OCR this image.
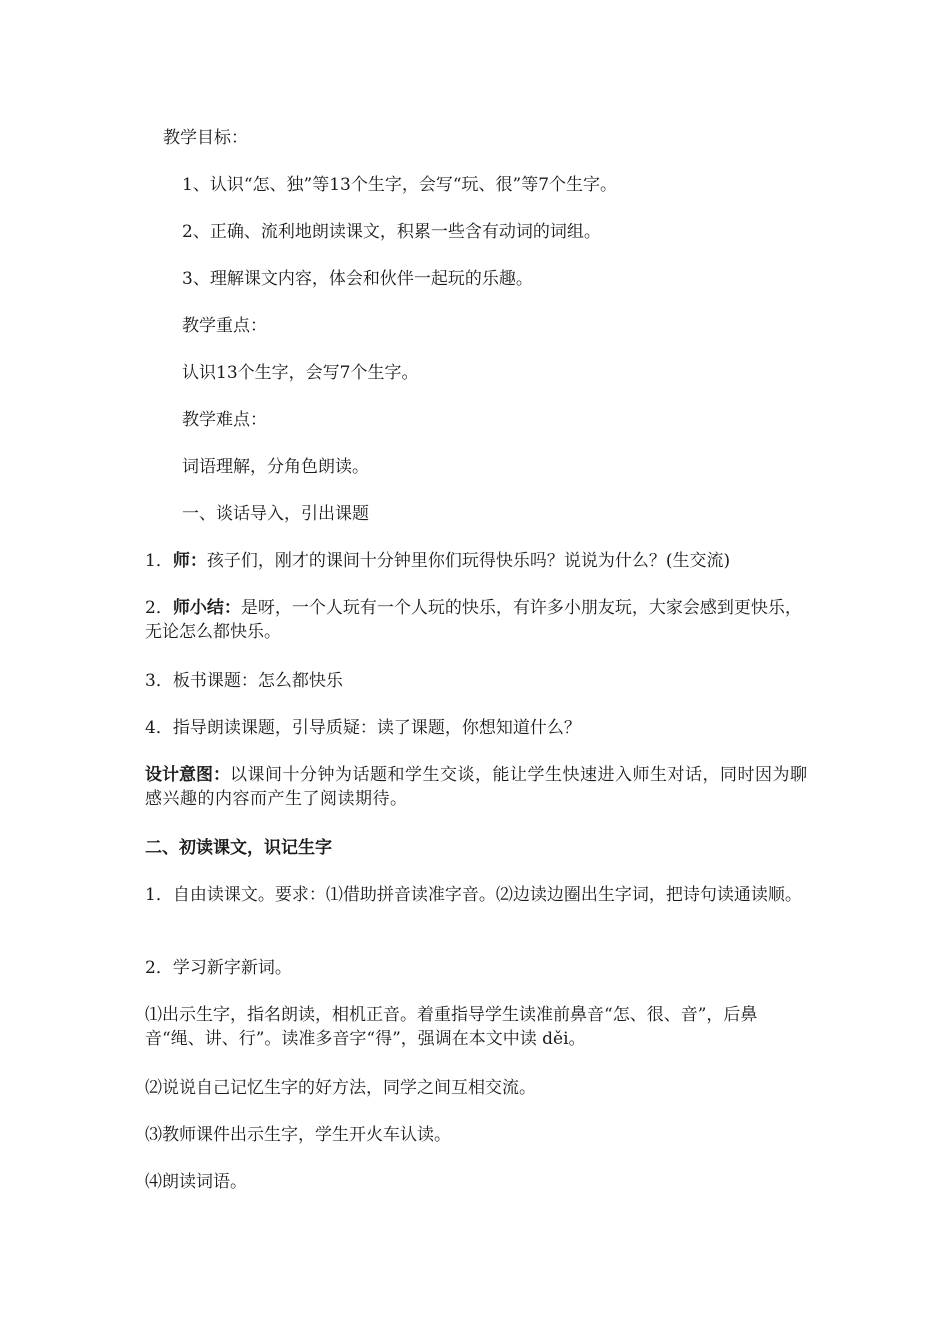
教学目标：
1、认识“怎、独”等13个生字，会写“玩、很”等7个生字。
2、正确、流利地朗读课文，积累一些含有动词的词组。
3、理解课文内容，体会和伙伴一起玩的乐趣。
教学重点：
认识13个生字，会写7个生字。
教学难点：
词语理解，分角色朗读。
一、谈话导入，引出课题
1．师：孩子们，刚才的课间十分钟里你们玩得快乐吗？说说为什么？(生交流)
2．师小结：是呀，一个人玩有一个人玩的快乐，有许多小朋友玩，大家会感到更快乐，无论怎么都快乐。
3．板书课题：怎么都快乐
4．指导朗读课题，引导质疑：读了课题，你想知道什么？
设计意图：以课间十分钟为话题和学生交谈，能让学生快速进入师生对话，同时因为聊感兴趣的内容而产生了阅读期待。
二、初读课文，识记生字
1．自由读课文。要求：⑴借助拼音读准字音。⑵边读边圈出生字词，把诗句读通读顺。
2．学习新字新词。
⑴出示生字，指名朗读，相机正音。着重指导学生读准前鼻音“怎、很、音”，后鼻音“绳、讲、行”。读准多音字“得”，强调在本文中读 děi。
⑵说说自己记忆生字的好方法，同学之间互相交流。
⑶教师课件出示生字，学生开火车认读。
⑷朗读词语。
